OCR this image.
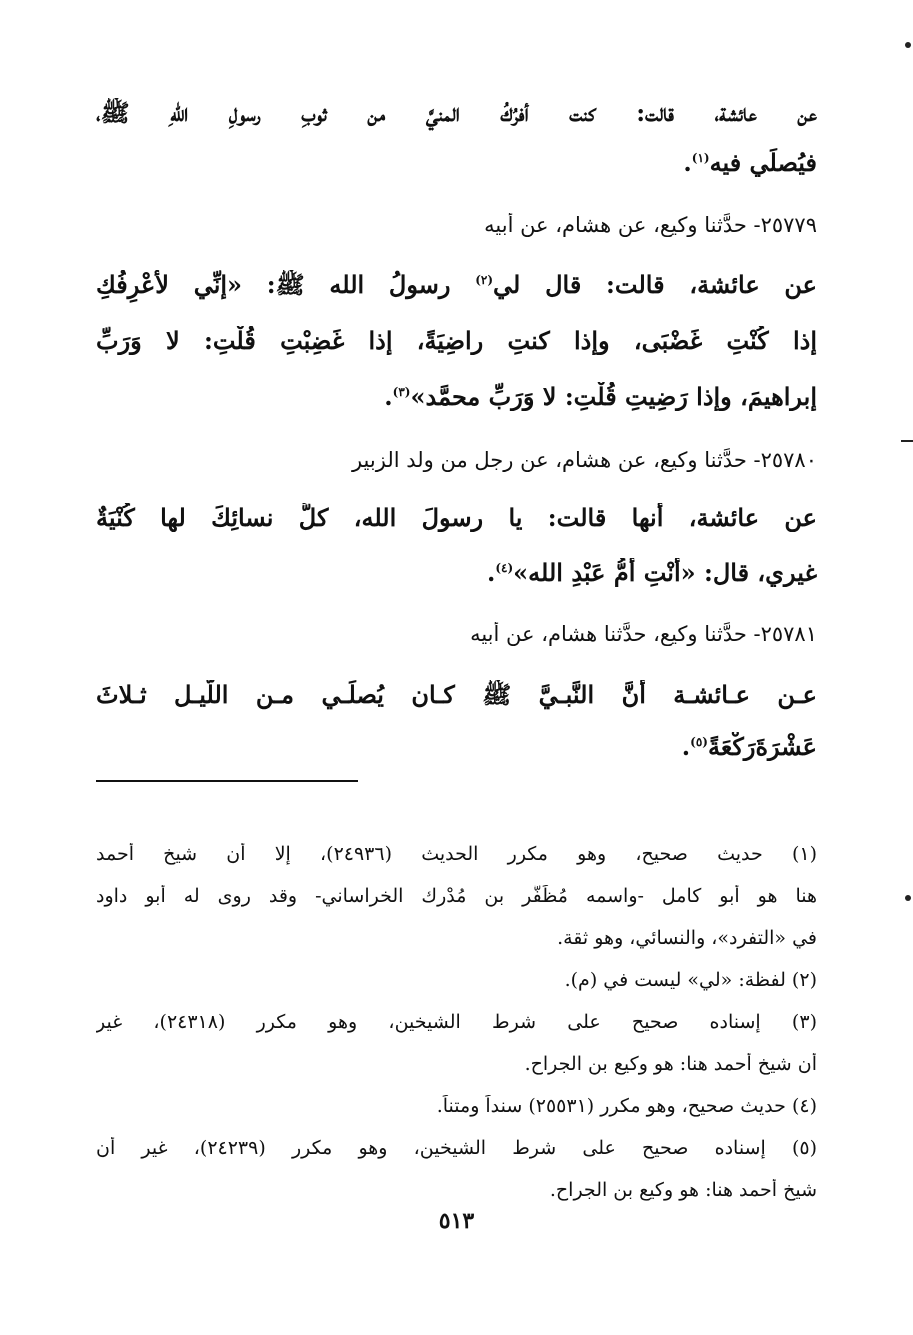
عن عائشة، قالت: كنت أفرُكُ المنيَّ من ثوبِ رسولِ اللهِ ﷺ،
فيُصلِّي فيه$^{(١)}$.
٢٥٧٧٩- حدَّثنا وكيع، عن هشام، عن أبيه
عن عائشة، قالت: قال لي$^{(٢)}$ رسولُ الله ﷺ: «إنِّي لأَعْرِفُكِ
إذا كُنْتِ غَضْبَى، وإذا كنتِ راضِيَةً، إذا غَضِبْتِ قُلْتِ: لا وَرَبِّ
إبراهيمَ، وإذا رَضِيتِ قُلْتِ: لا وَرَبِّ محمَّد»$^{(٣)}$.
٢٥٧٨٠- حدَّثنا وكيع، عن هشام، عن رجل من ولد الزبير
عن عائشة، أنها قالت: يا رسولَ الله، كلُّ نسائِكَ لها كُنْيَةٌ
غيري، قال: «أَنْتِ أُمُّ عَبْدِ الله»$^{(٤)}$.
٢٥٧٨١- حدَّثنا وكيع، حدَّثنا هشام، عن أبيه
عـن عـائشـة أَنَّ النَّبـيَّ ﷺ كـان يُصلِّـي مـن اللَّيـل ثـلاثَ
عَشْرَةَرَكْعَةً$^{(٥)}$.
(١) حديث صحيح، وهو مكرر الحديث (٢٤٩٣٦)، إلا أن شيخ أحمد
هنا هو أبو كامل -واسمه مُظَفَّر بن مُدْرِك الخراساني- وقد روى له أبو داود
في «التفرد»، والنسائي، وهو ثقة.
(٢) لفظة: «لي» ليست في (م).
(٣) إسناده صحيح على شرط الشيخين، وهو مكرر (٢٤٣١٨)، غير
أن شيخ أحمد هنا: هو وكيع بن الجراح.
(٤) حديث صحيح، وهو مكرر (٢٥٥٣١) سنداً ومتناً.
(٥) إسناده صحيح على شرط الشيخين، وهو مكرر (٢٤٢٣٩)، غير أن
شيخ أحمد هنا: هو وكيع بن الجراح.
٥١٣
